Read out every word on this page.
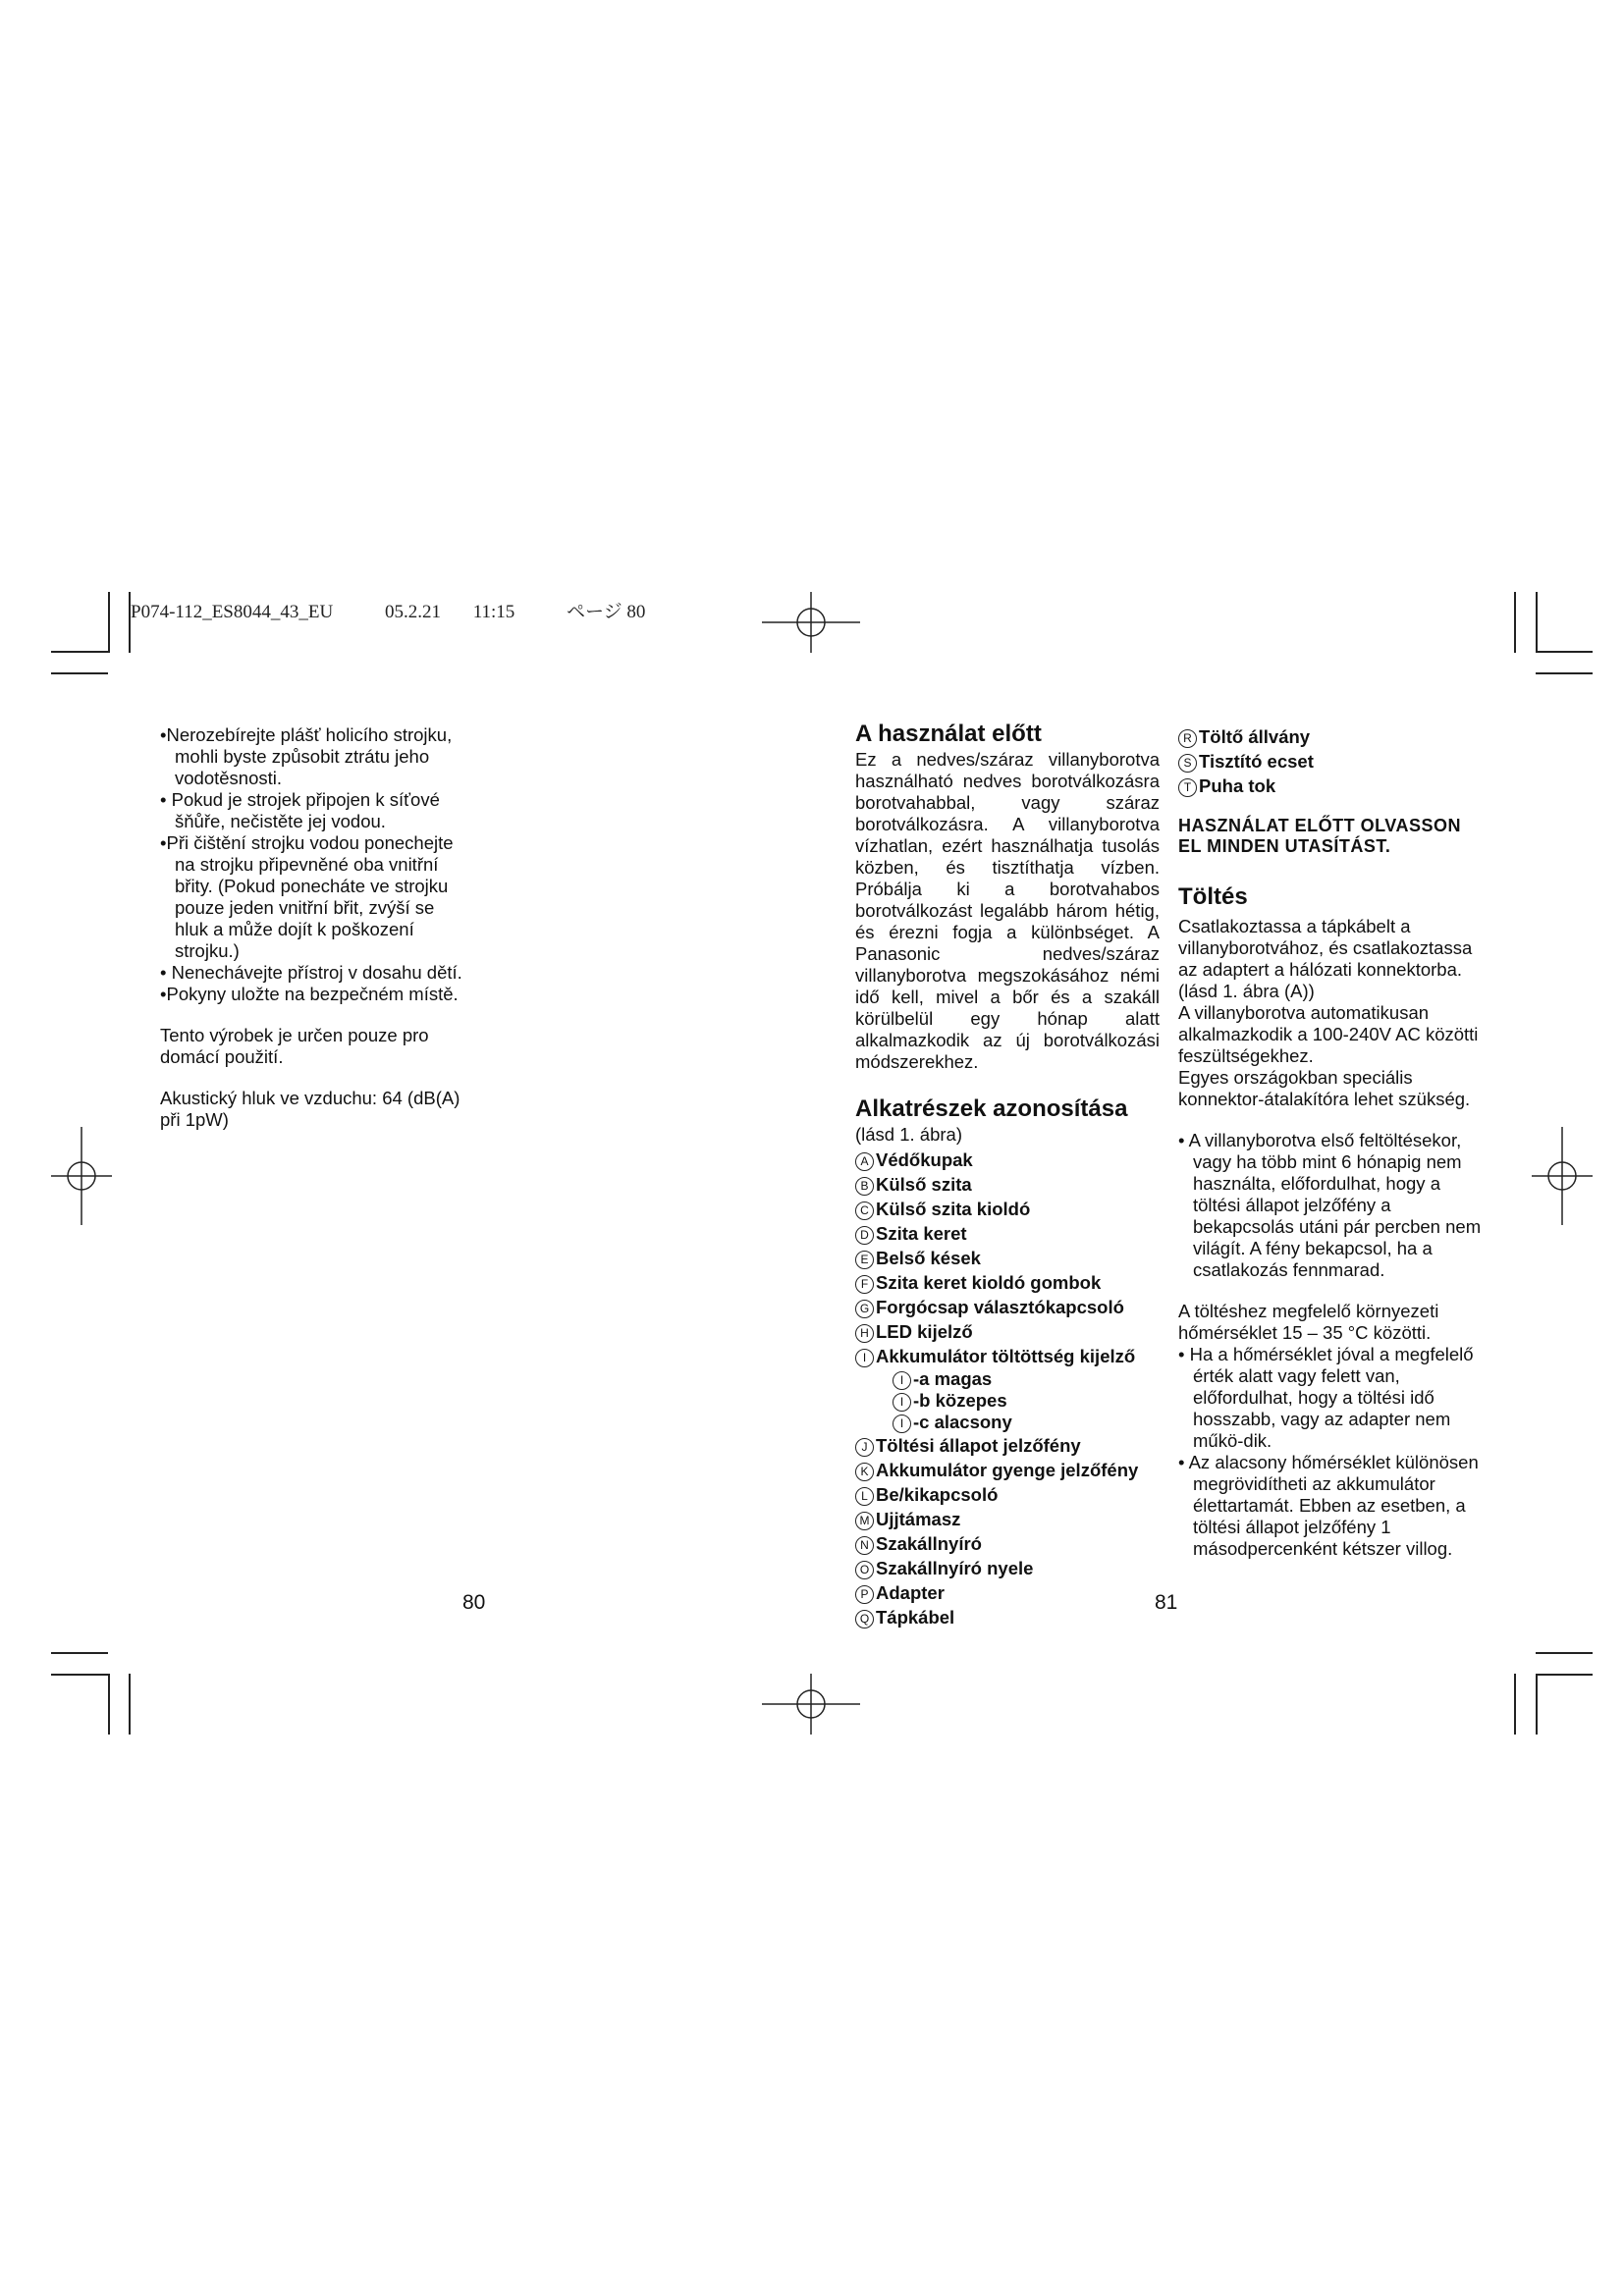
P074-112_ES8044_43_EU	05.2.21 11:15	ページ 80

•Nerozebírejte plášť holicího strojku, mohli byste způsobit ztrátu jeho vodotěsnosti.

• Pokud je strojek připojen k síťové šňůře, nečistěte jej vodou.

•Při čištění strojku vodou ponechejte na strojku připevněné oba vnitřní břity. (Pokud ponecháte ve strojku pouze jeden vnitřní břit, zvýší se hluk a může dojít k poškození strojku.)

• Nenechávejte přístroj v dosahu dětí.

•Pokyny uložte na bezpečném místě.

Tento výrobek je určen pouze pro domácí použití.

Akustický hluk ve vzduchu: 64 (dB(A) při 1pW)

80

A használat előtt

Ez a nedves/száraz villanyborotva használható nedves borotválkozásra borotvahabbal, vagy száraz borotválkozásra. A villanyborotva vízhatlan, ezért használhatja tusolás közben, és tisztíthatja vízben. Próbálja ki a borotvahabos borotválkozást legalább három hétig, és érezni fogja a különbséget. A Panasonic nedves/száraz villanyborotva megszokásához némi idő kell, mivel a bőr és a szakáll körülbelül egy hónap alatt alkalmazkodik az új borotválkozási módszerekhez.

Alkatrészek azonosítása

(lásd 1. ábra)

A Védőkupak
B Külső szita
C Külső szita kioldó
D Szita keret
E Belső kések
F Szita keret kioldó gombok
G Forgócsap választókapcsoló
H LED kijelző
I Akkumulátor töltöttség kijelző
I -a magas
I -b közepes
I -c alacsony
J Töltési állapot jelzőfény
K Akkumulátor gyenge jelzőfény
L Be/kikapcsoló
M Ujjtámasz
N Szakállnyíró
O Szakállnyíró nyele
P Adapter
Q Tápkábel
81
R Töltő állvány
S Tisztító ecset
T Puha tok

HASZNÁLAT ELŐTT OLVASSON EL MINDEN UTASÍTÁST.

Töltés

Csatlakoztassa a tápkábelt a villanyborotvához, és csatlakoztassa az adaptert a hálózati konnektorba. (lásd 1. ábra (A))

A villanyborotva automatikusan alkalmazkodik a 100-240V AC közötti feszültségekhez.

Egyes országokban speciális konnektor-átalakítóra lehet szükség.

• A villanyborotva első feltöltésekor, vagy ha több mint 6 hónapig nem használta, előfordulhat, hogy a töltési állapot jelzőfény a bekapcsolás utáni pár percben nem világít. A fény bekapcsol, ha a csatlakozás fennmarad.

A töltéshez megfelelő környezeti hőmérséklet 15 – 35 °C közötti.

• Ha a hőmérséklet jóval a megfelelő érték alatt vagy felett van, előfordulhat, hogy a töltési idő hosszabb, vagy az adapter nem műkö-dik.

• Az alacsony hőmérséklet különösen megrövidítheti az akkumulátor élettartamát. Ebben az esetben, a töltési állapot jelzőfény 1 másodpercenként kétszer villog.
